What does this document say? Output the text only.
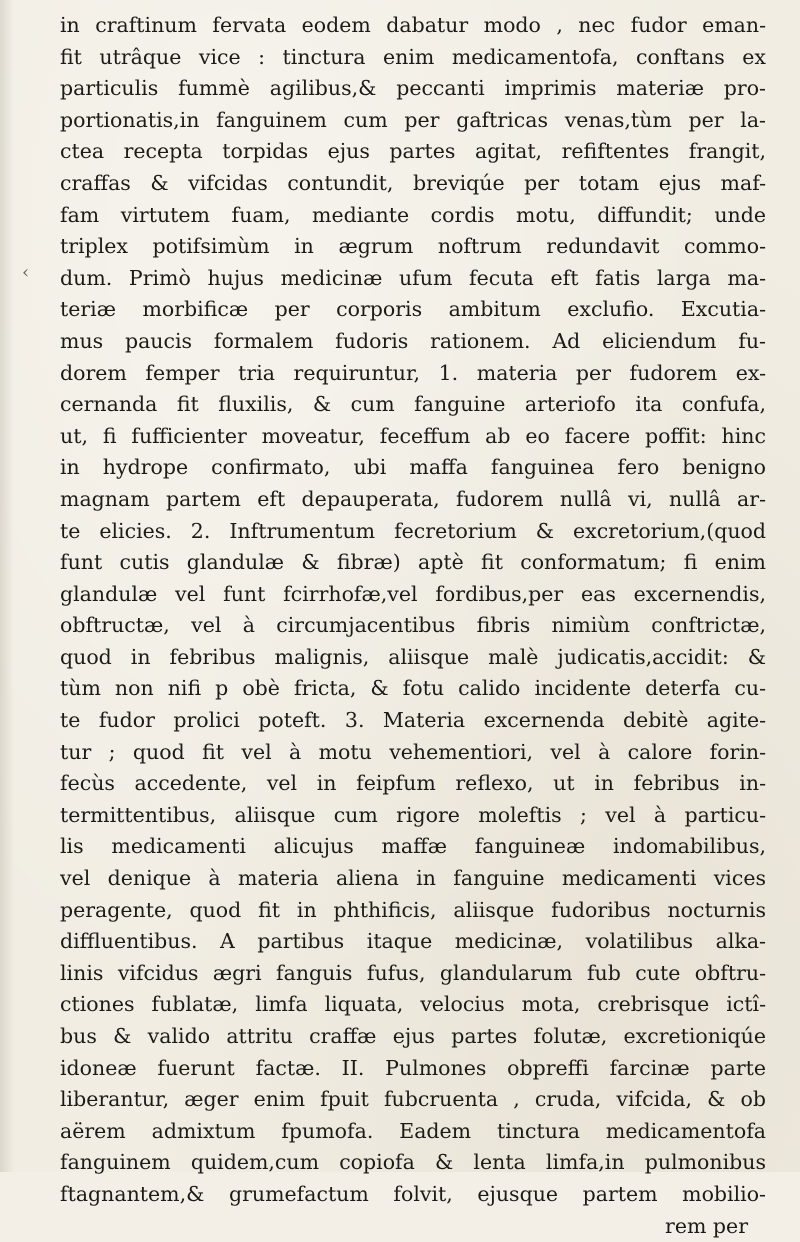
‹
in craftinum fervata eodem dabatur modo , nec fudor eman-
fit utrâque vice : tinctura enim medicamentofa, conftans ex
particulis fummè agilibus,& peccanti imprimis materiæ pro-
portionatis,in fanguinem cum per gaftricas venas,tùm per la-
ctea recepta torpidas ejus partes agitat, refiftentes frangit,
craffas & vifcidas contundit, breviqúe per totam ejus maf-
fam virtutem fuam, mediante cordis motu, diffundit; unde
triplex potifsimùm in ægrum noftrum redundavit commo-
dum. Primò hujus medicinæ ufum fecuta eft fatis larga ma-
teriæ morbificæ per corporis ambitum exclufio. Excutia-
mus paucis formalem fudoris rationem. Ad eliciendum fu-
dorem femper tria requiruntur, 1. materia per fudorem ex-
cernanda fit fluxilis, & cum fanguine arteriofo ita confufa,
ut, fi fufficienter moveatur, feceffum ab eo facere poffit: hinc
in hydrope confirmato, ubi maffa fanguinea fero benigno
magnam partem eft depauperata, fudorem nullâ vi, nullâ ar-
te elicies. 2. Inftrumentum fecretorium & excretorium,(quod
funt cutis glandulæ & fibræ) aptè fit conformatum; fi enim
glandulæ vel funt fcirrhofæ,vel fordibus,per eas excernendis,
obftructæ, vel à circumjacentibus fibris nimiùm conftrictæ,
quod in febribus malignis, aliisque malè judicatis,accidit: &
tùm non nifi p obè fricta, & fotu calido incidente deterfa cu-
te fudor prolici poteft. 3. Materia excernenda debitè agite-
tur ; quod fit vel à motu vehementiori, vel à calore forin-
fecùs accedente, vel in feipfum reflexo, ut in febribus in-
termittentibus, aliisque cum rigore moleftis ; vel à particu-
lis medicamenti alicujus maffæ fanguineæ indomabilibus,
vel denique à materia aliena in fanguine medicamenti vices
peragente, quod fit in phthificis, aliisque fudoribus nocturnis
diffluentibus. A partibus itaque medicinæ, volatilibus alka-
linis vifcidus ægri fanguis fufus, glandularum fub cute obftru-
ctiones fublatæ, limfa liquata, velocius mota, crebrisque ictî-
bus & valido attritu craffæ ejus partes folutæ, excretioniqúe
idoneæ fuerunt factæ. II. Pulmones obpreffi farcinæ parte
liberantur, æger enim fpuit fubcruenta , cruda, vifcida, & ob
aërem admixtum fpumofa. Eadem tinctura medicamentofa
fanguinem quidem,cum copiofa & lenta limfa,in pulmonibus
ftagnantem,& grumefactum folvit, ejusque partem mobilio-
rem per
